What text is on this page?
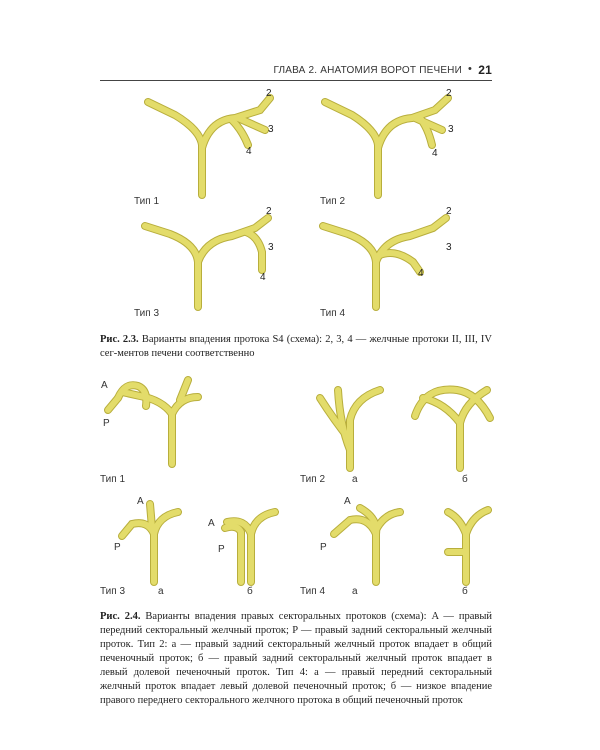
ГЛАВА 2. АНАТОМИЯ ВОРОТ ПЕЧЕНИ • 21
2
3
4
Тип 1
2
3
4
Тип 2
2
3
4
Тип 3
2
3
4
Тип 4
Рис. 2.3. Варианты впадения протока S4 (схема): 2, 3, 4 — желчные протоки II, III, IV сег-ментов печени соответственно
A
P
Тип 1	Тип 2	а	б
A
P
Тип 3	а
A
P
б
A
P
Тип 4	а	б
Рис. 2.4. Варианты впадения правых секторальных протоков (схема): A — правый передний секторальный желчный проток; P — правый задний секторальный желчный проток. Тип 2: а — правый задний секторальный желчный проток впадает в общий печеночный проток; б — правый задний секторальный желчный проток впадает в левый долевой печеночный проток. Тип 4: а — правый передний секторальный желчный проток впадает левый долевой печеночный проток; б — низкое впадение правого переднего секторального желчного протока в общий печеночный проток
